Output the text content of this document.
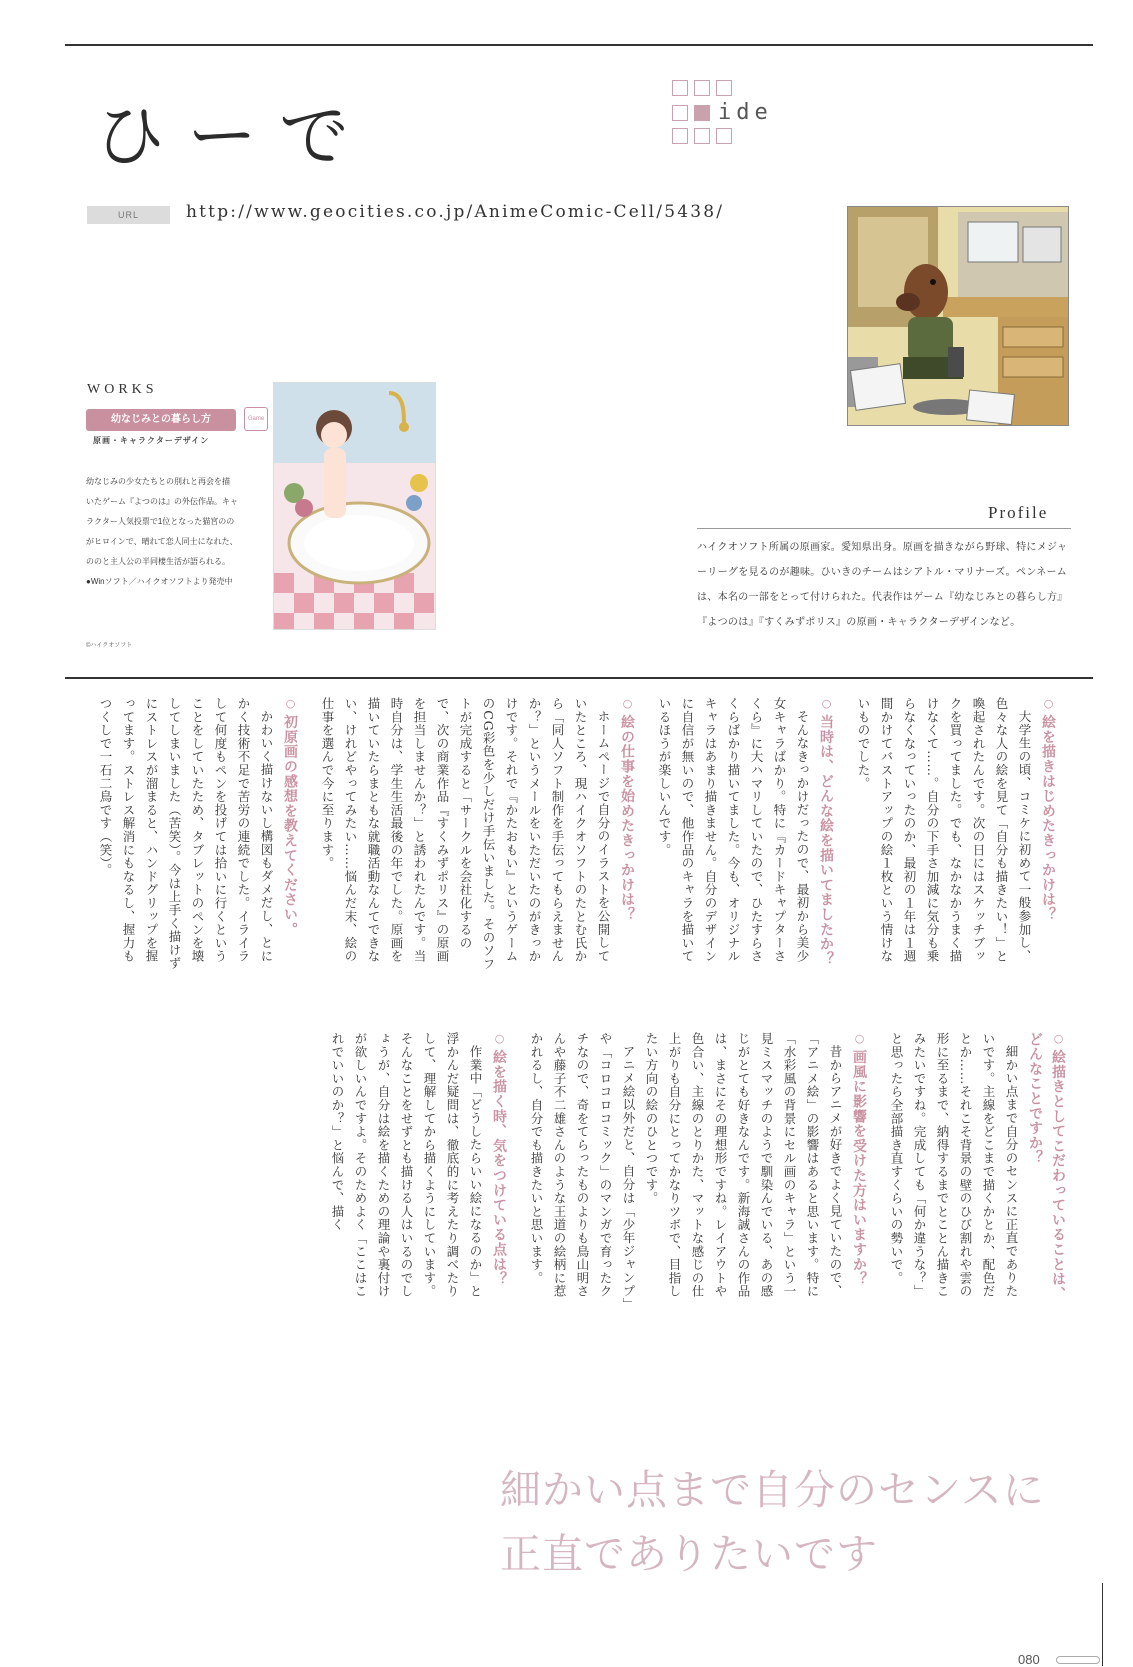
ひーで	ide
URL	http://www.geocities.co.jp/AnimeComic-Cell/5438/
WORKS
幼なじみとの暮らし方	Game
原画・キャラクターデザイン
幼なじみの少女たちとの別れと再会を描
いたゲーム『よつのは』の外伝作品。キャ
ラクター人気投票で1位となった猫宮のの
がヒロインで、晴れて恋人同士になれた、
ののと主人公の半同棲生活が語られる。
●Winソフト／ハイクオソフトより発売中
©ハイクオソフト
Profile
ハイクオソフト所属の原画家。愛知県出身。原画を描きながら野球、特にメジャーリーグを見るのが趣味。ひいきのチームはシアトル・マリナーズ。ペンネームは、本名の一部をとって付けられた。代表作はゲーム『幼なじみとの暮らし方』『よつのは』『すくみずポリス』の原画・キャラクターデザインなど。
○絵を描きはじめたきっかけは？

大学生の頃、コミケに初めて一般参加し、色々な人の絵を見て「自分も描きたい！」と喚起されたんです。次の日にはスケッチブックを買ってました。でも、なかなかうまく描けなくて……。自分の下手さ加減に気分も乗らなくなっていったのか、最初の１年は１週間かけてバストアップの絵１枚という情けないものでした。

○当時は、どんな絵を描いてましたか？

そんなきっかけだったので、最初から美少女キャラばかり。特に『カードキャプターさくら』に大ハマリしていたので、ひたすらさくらばかり描いてました。今も、オリジナルキャラはあまり描きません。自分のデザインに自信が無いので、他作品のキャラを描いているほうが楽しいんです。

○絵の仕事を始めたきっかけは？

ホームページで自分のイラストを公開していたところ、現ハイクオソフトのたとむ氏から「同人ソフト制作を手伝ってもらえませんか？」というメールをいただいたのがきっかけです。それで『かたおもい』というゲームのCG彩色を少しだけ手伝いました。そのソフトが完成すると「サークルを会社化するので、次の商業作品『すくみずポリス』の原画を担当しませんか？」と誘われたんです。当時自分は、学生生活最後の年でした。原画を描いていたらまともな就職活動なんてできない、けれどやってみたい……悩んだ末、絵の仕事を選んで今に至ります。

○初原画の感想を教えてください。

かわいく描けないし構図もダメだし、とにかく技術不足で苦労の連続でした。イライラして何度もペンを投げては拾いに行くということをしていたため、タブレットのペンを壊してしまいました（苦笑）。今は上手く描けずにストレスが溜まると、ハンドグリップを握ってます。ストレス解消にもなるし、握力もつくしで一石二鳥です（笑）。

○絵描きとしてこだわっていることは、どんなことですか？

細かい点まで自分のセンスに正直でありたいです。主線をどこまで描くかとか、配色だとか……それこそ背景の壁のひび割れや雲の形に至るまで、納得するまでとことん描きこみたいですね。完成しても「何か違うな？」と思ったら全部描き直すくらいの勢いで。

○画風に影響を受けた方はいますか？

昔からアニメが好きでよく見ていたので、「アニメ絵」の影響はあると思います。特に「水彩風の背景にセル画のキャラ」という一見ミスマッチのようで馴染んでいる、あの感じがとても好きなんです。新海誠さんの作品は、まさにその理想形ですね。レイアウトや色合い、主線のとりかた、マットな感じの仕上がりも自分にとってかなりツボで、目指したい方向の絵のひとつです。

アニメ絵以外だと、自分は「少年ジャンプ」や「コロコロコミック」のマンガで育ったクチなので、奇をてらったものよりも鳥山明さんや藤子不二雄さんのような王道の絵柄に惹かれるし、自分でも描きたいと思います。

○絵を描く時、気をつけている点は？

作業中「どうしたらいい絵になるのか」と浮かんだ疑問は、徹底的に考えたり調べたりして、理解してから描くようにしています。そんなことをせずとも描ける人はいるのでしょうが、自分は絵を描くための理論や裏付けが欲しいんですよ。そのためよく「ここはこれでいいのか？」と悩んで、描く

細かい点まで自分のセンスに
正直でありたいです
080
